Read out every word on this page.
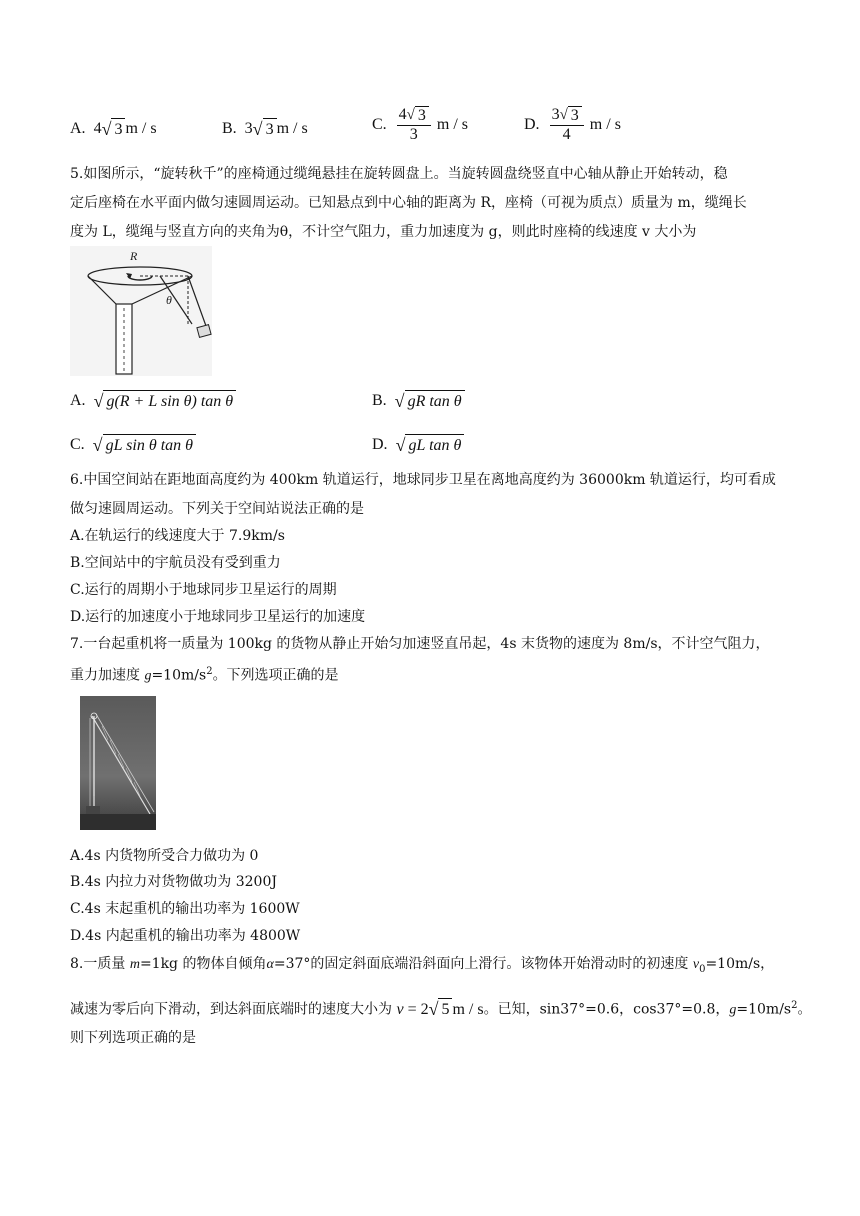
A. 4 √ 3 m / s	B. 3 √ 3 m / s	C. $\frac{4 √ 3}{3}$ m / s	D. $\frac{3 √ 3}{4}$ m / s
5.如图所示，“旋转秋千”的座椅通过缆绳悬挂在旋转圆盘上。当旋转圆盘绕竖直中心轴从静止开始转动，稳
定后座椅在水平面内做匀速圆周运动。已知悬点到中心轴的距离为 R，座椅（可视为质点）质量为 m，缆绳长
度为 L，缆绳与竖直方向的夹角为θ，不计空气阻力，重力加速度为 g，则此时座椅的线速度 v 大小为
R
θ
A. √ g(R + L sin θ) tan θ	B. √ gR tan θ
C. √ gL sin θ tan θ	D. √ gL tan θ
6.中国空间站在距地面高度约为 400km 轨道运行，地球同步卫星在离地高度约为 36000km 轨道运行，均可看成
做匀速圆周运动。下列关于空间站说法正确的是
A.在轨运行的线速度大于 7.9km/s
B.空间站中的宇航员没有受到重力
C.运行的周期小于地球同步卫星运行的周期
D.运行的加速度小于地球同步卫星运行的加速度
7.一台起重机将一质量为 100kg 的货物从静止开始匀加速竖直吊起，4s 末货物的速度为 8m/s，不计空气阻力，
重力加速度 $g=10m/s^2$。下列选项正确的是
A.4s 内货物所受合力做功为 0
B.4s 内拉力对货物做功为 3200J
C.4s 末起重机的输出功率为 1600W
D.4s 内起重机的输出功率为 4800W
8.一质量 m=1kg 的物体自倾角α=37°的固定斜面底端沿斜面向上滑行。该物体开始滑动时的初速度 $v_0=10m/s$，
减速为零后向下滑动，到达斜面底端时的速度大小为 v = 2 √ 5 m / s。已知，sin37°=0.6，cos37°=0.8，$g=10m/s^2$。
则下列选项正确的是
